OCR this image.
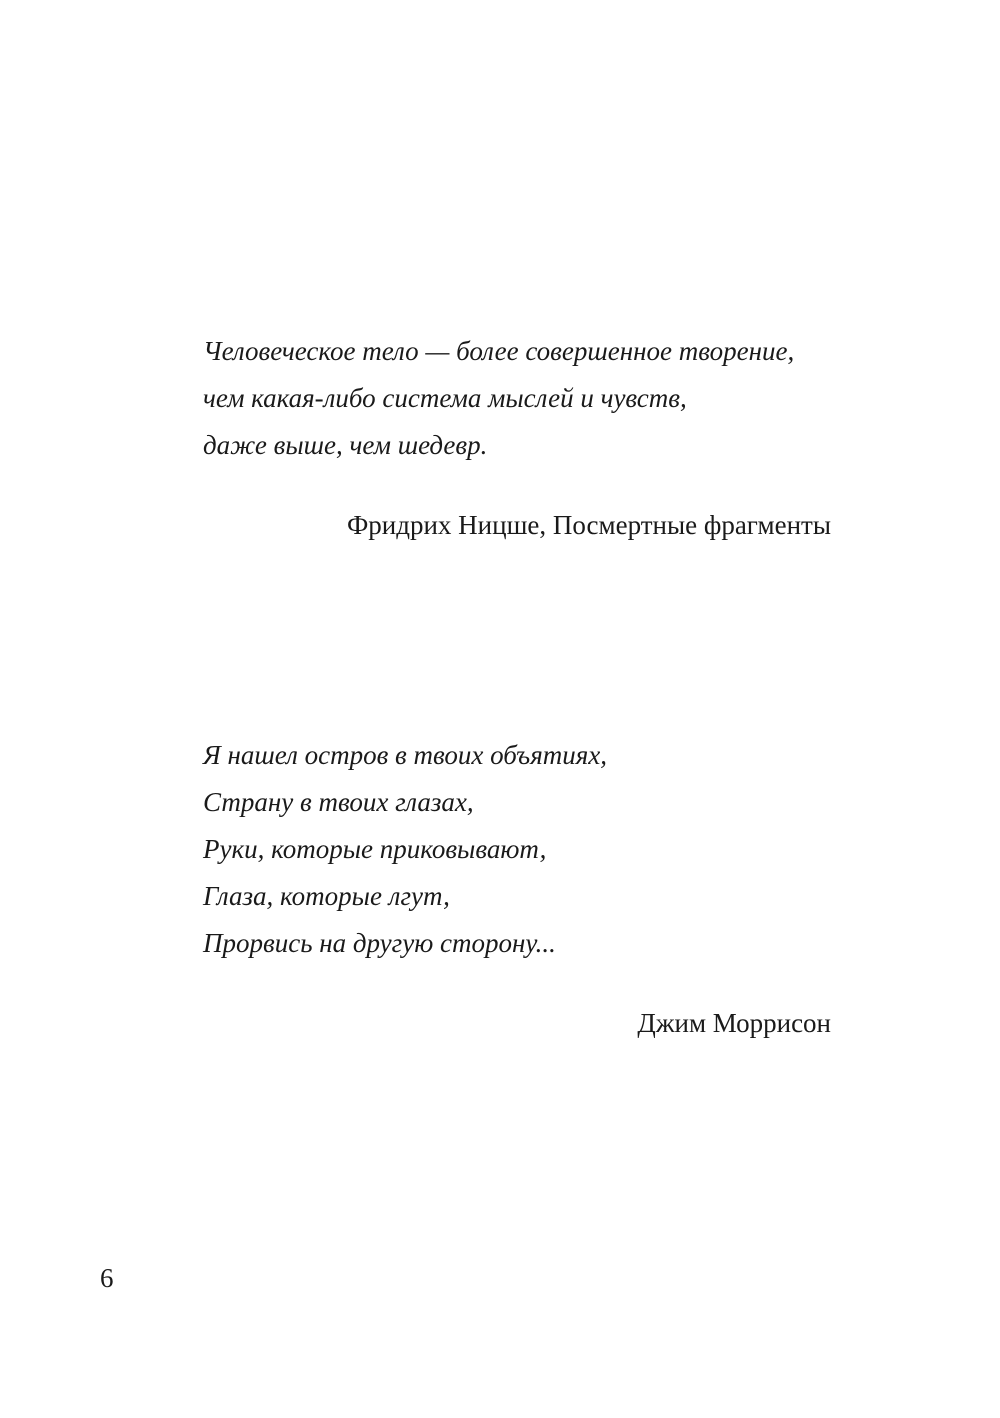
Человеческое тело — более совершенное творение,
чем какая-либо система мыслей и чувств,
даже выше, чем шедевр.
Фридрих Ницше, Посмертные фрагменты
Я нашел остров в твоих объятиях,
Страну в твоих глазах,
Руки, которые приковывают,
Глаза, которые лгут,
Прорвись на другую сторону...
Джим Моррисон
6
